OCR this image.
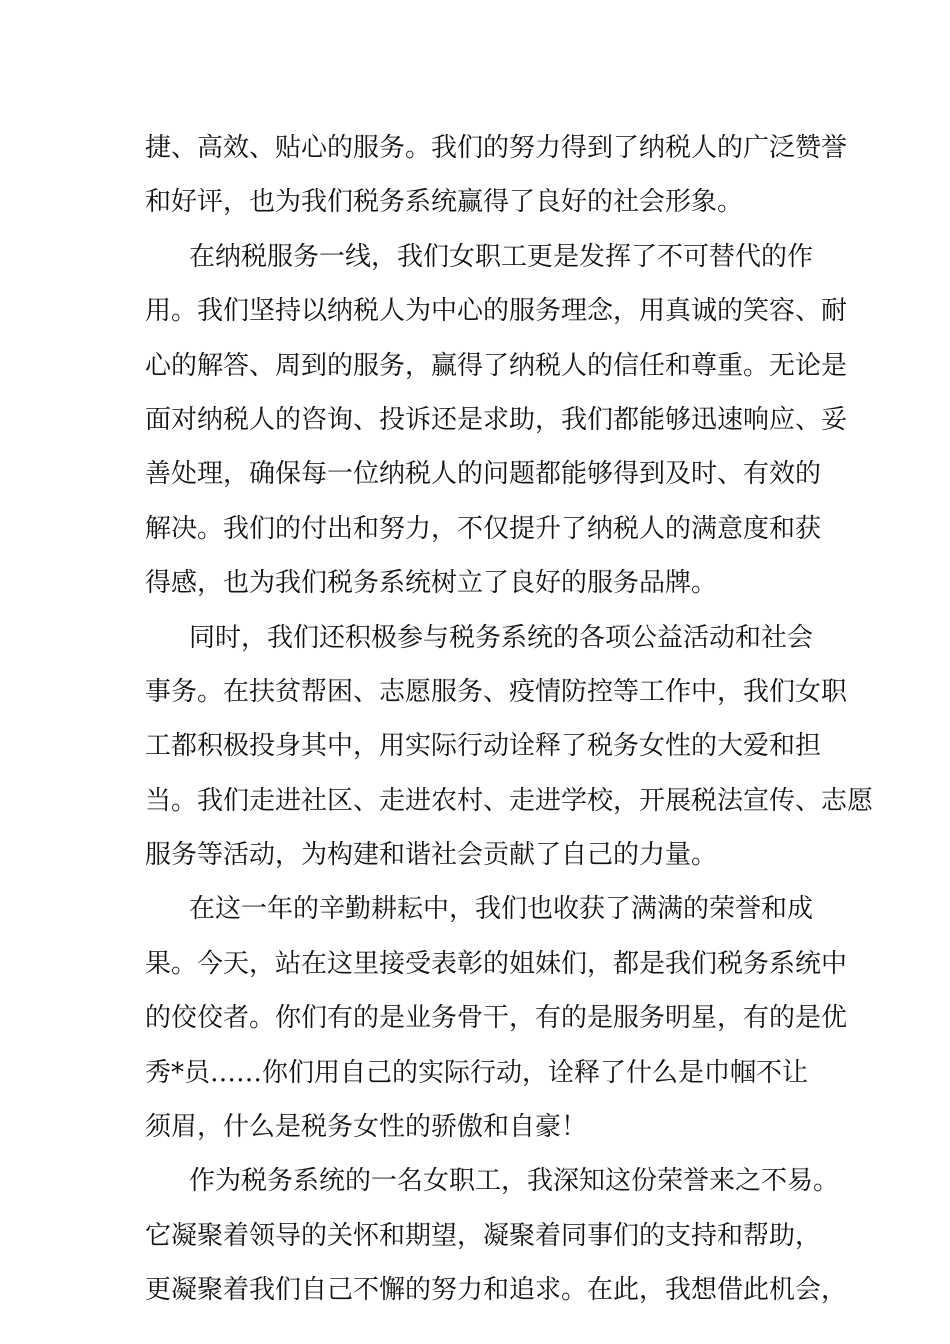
捷、高效、贴心的服务。我们的努力得到了纳税人的广泛赞誉
和好评，也为我们税务系统赢得了良好的社会形象。
在纳税服务一线，我们女职工更是发挥了不可替代的作
用。我们坚持以纳税人为中心的服务理念，用真诚的笑容、耐
心的解答、周到的服务，赢得了纳税人的信任和尊重。无论是
面对纳税人的咨询、投诉还是求助，我们都能够迅速响应、妥
善处理，确保每一位纳税人的问题都能够得到及时、有效的
解决。我们的付出和努力，不仅提升了纳税人的满意度和获
得感，也为我们税务系统树立了良好的服务品牌。
同时，我们还积极参与税务系统的各项公益活动和社会
事务。在扶贫帮困、志愿服务、疫情防控等工作中，我们女职
工都积极投身其中，用实际行动诠释了税务女性的大爱和担
当。我们走进社区、走进农村、走进学校，开展税法宣传、志愿
服务等活动，为构建和谐社会贡献了自己的力量。
在这一年的辛勤耕耘中，我们也收获了满满的荣誉和成
果。今天，站在这里接受表彰的姐妹们，都是我们税务系统中
的佼佼者。你们有的是业务骨干，有的是服务明星，有的是优
秀*员……你们用自己的实际行动，诠释了什么是巾帼不让
须眉，什么是税务女性的骄傲和自豪！
作为税务系统的一名女职工，我深知这份荣誉来之不易。
它凝聚着领导的关怀和期望，凝聚着同事们的支持和帮助，
更凝聚着我们自己不懈的努力和追求。在此，我想借此机会，
